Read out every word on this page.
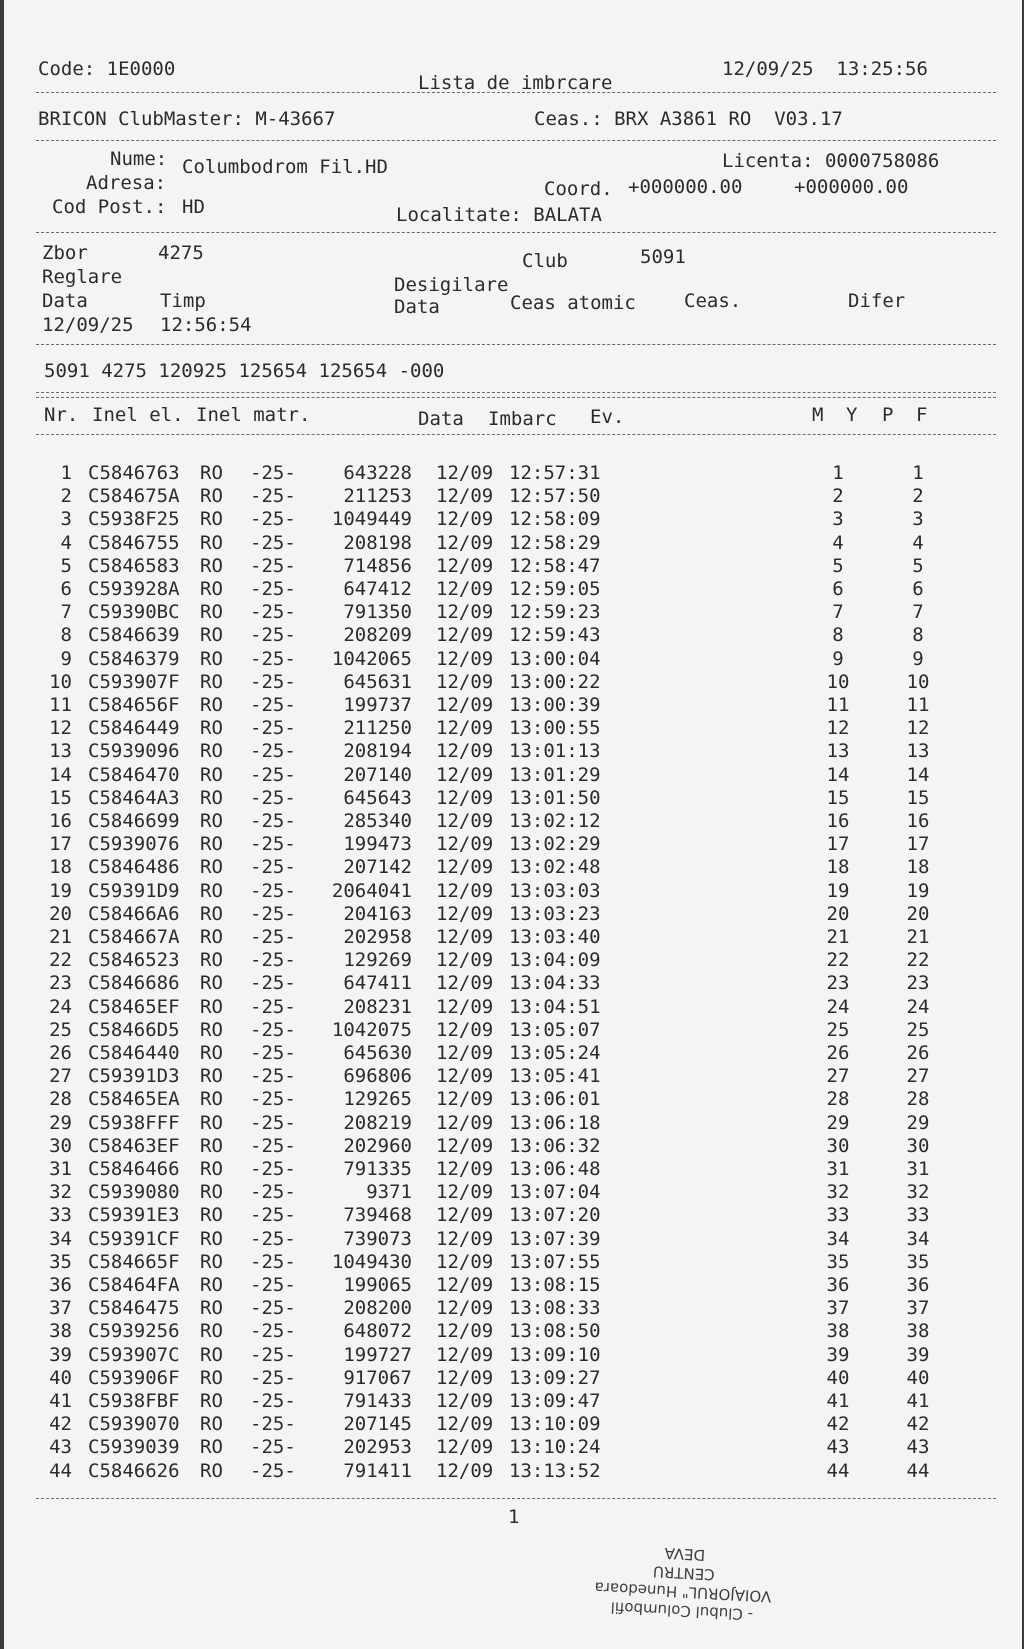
Code: 1E0000
Lista de imbrcare
12/09/25  13:25:56
BRICON ClubMaster: M-43667	Ceas.: BRX A3861 RO  V03.17
Nume: Columbodrom Fil.HD	Licenta: 0000758086
Adresa:	Coord. +000000.00	+000000.00
Cod Post.: HD	Localitate: BALATA
Zbor	4275	Club	5091
Reglare	Desigilare
Data	Timp	Data	Ceas atomic	Ceas.	Difer
12/09/25 12:56:54
5091 4275 120925 125654 125654 -000
Nr. Inel el. Inel matr.	Data Imbarc Ev.	M Y P F
1 C5846763 RO -25-	643228 12/09 12:57:31	1	1
2 C584675A RO -25-	211253 12/09 12:57:50	2	2
3 C5938F25 RO -25-	1049449 12/09 12:58:09	3	3
4 C5846755 RO -25-	208198 12/09 12:58:29	4	4
5 C5846583 RO -25-	714856 12/09 12:58:47	5	5
6 C593928A RO -25-	647412 12/09 12:59:05	6	6
7 C59390BC RO -25-	791350 12/09 12:59:23	7	7
8 C5846639 RO -25-	208209 12/09 12:59:43	8	8
9 C5846379 RO -25-	1042065 12/09 13:00:04	9	9
10 C593907F RO -25-	645631 12/09 13:00:22	10	10
11 C584656F RO -25-	199737 12/09 13:00:39	11	11
12 C5846449 RO -25-	211250 12/09 13:00:55	12	12
13 C5939096 RO -25-	208194 12/09 13:01:13	13	13
14 C5846470 RO -25-	207140 12/09 13:01:29	14	14
15 C58464A3 RO -25-	645643 12/09 13:01:50	15	15
16 C5846699 RO -25-	285340 12/09 13:02:12	16	16
17 C5939076 RO -25-	199473 12/09 13:02:29	17	17
18 C5846486 RO -25-	207142 12/09 13:02:48	18	18
19 C59391D9 RO -25-	2064041 12/09 13:03:03	19	19
20 C58466A6 RO -25-	204163 12/09 13:03:23	20	20
21 C584667A RO -25-	202958 12/09 13:03:40	21	21
22 C5846523 RO -25-	129269 12/09 13:04:09	22	22
23 C5846686 RO -25-	647411 12/09 13:04:33	23	23
24 C58465EF RO -25-	208231 12/09 13:04:51	24	24
25 C58466D5 RO -25-	1042075 12/09 13:05:07	25	25
26 C5846440 RO -25-	645630 12/09 13:05:24	26	26
27 C59391D3 RO -25-	696806 12/09 13:05:41	27	27
28 C58465EA RO -25-	129265 12/09 13:06:01	28	28
29 C5938FFF RO -25-	208219 12/09 13:06:18	29	29
30 C58463EF RO -25-	202960 12/09 13:06:32	30	30
31 C5846466 RO -25-	791335 12/09 13:06:48	31	31
32 C5939080 RO -25-	9371 12/09 13:07:04	32	32
33 C59391E3 RO -25-	739468 12/09 13:07:20	33	33
34 C59391CF RO -25-	739073 12/09 13:07:39	34	34
35 C584665F RO -25-	1049430 12/09 13:07:55	35	35
36 C58464FA RO -25-	199065 12/09 13:08:15	36	36
37 C5846475 RO -25-	208200 12/09 13:08:33	37	37
38 C5939256 RO -25-	648072 12/09 13:08:50	38	38
39 C593907C RO -25-	199727 12/09 13:09:10	39	39
40 C593906F RO -25-	917067 12/09 13:09:27	40	40
41 C5938FBF RO -25-	791433 12/09 13:09:47	41	41
42 C5939070 RO -25-	207145 12/09 13:10:09	42	42
43 C5939039 RO -25-	202953 12/09 13:10:24	43	43
44 C5846626 RO -25-	791411 12/09 13:13:52	44	44
1
- Clubul Columbofil
VOIAJORUL" Hunedoara
CENTRU
DEVA
